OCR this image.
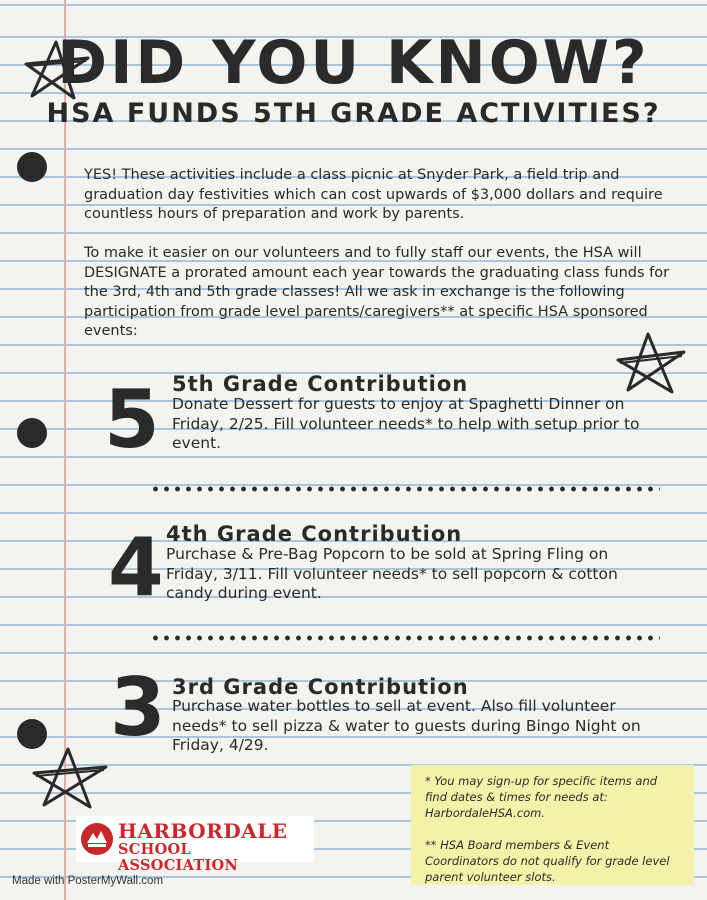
DID YOU KNOW?
HSA FUNDS 5TH GRADE ACTIVITIES?
YES! These activities include a class picnic at Snyder Park, a field trip and graduation day festivities which can cost upwards of $3,000 dollars and require countless hours of preparation and work by parents.
To make it easier on our volunteers and to fully staff our events, the HSA will DESIGNATE a prorated amount each year towards the graduating class funds for the 3rd, 4th and 5th grade classes! All we ask in exchange is the following participation from grade level parents/caregivers** at specific HSA sponsored events:
5 5th Grade Contribution
Donate Dessert for guests to enjoy at Spaghetti Dinner on Friday, 2/25. Fill volunteer needs* to help with setup prior to event.
4 4th Grade Contribution
Purchase & Pre-Bag Popcorn to be sold at Spring Fling on Friday, 3/11. Fill volunteer needs* to sell popcorn & cotton candy during event.
3 3rd Grade Contribution
Purchase water bottles to sell at event. Also fill volunteer needs* to sell pizza & water to guests during Bingo Night on Friday, 4/29.

* You may sign-up for specific items and find dates & times for needs at: HarbordaleHSA.com.

** HSA Board members & Event Coordinators do not qualify for grade level parent volunteer slots.

HARBORDALE
SCHOOL ASSOCIATION
Made with PosterMyWall.com
